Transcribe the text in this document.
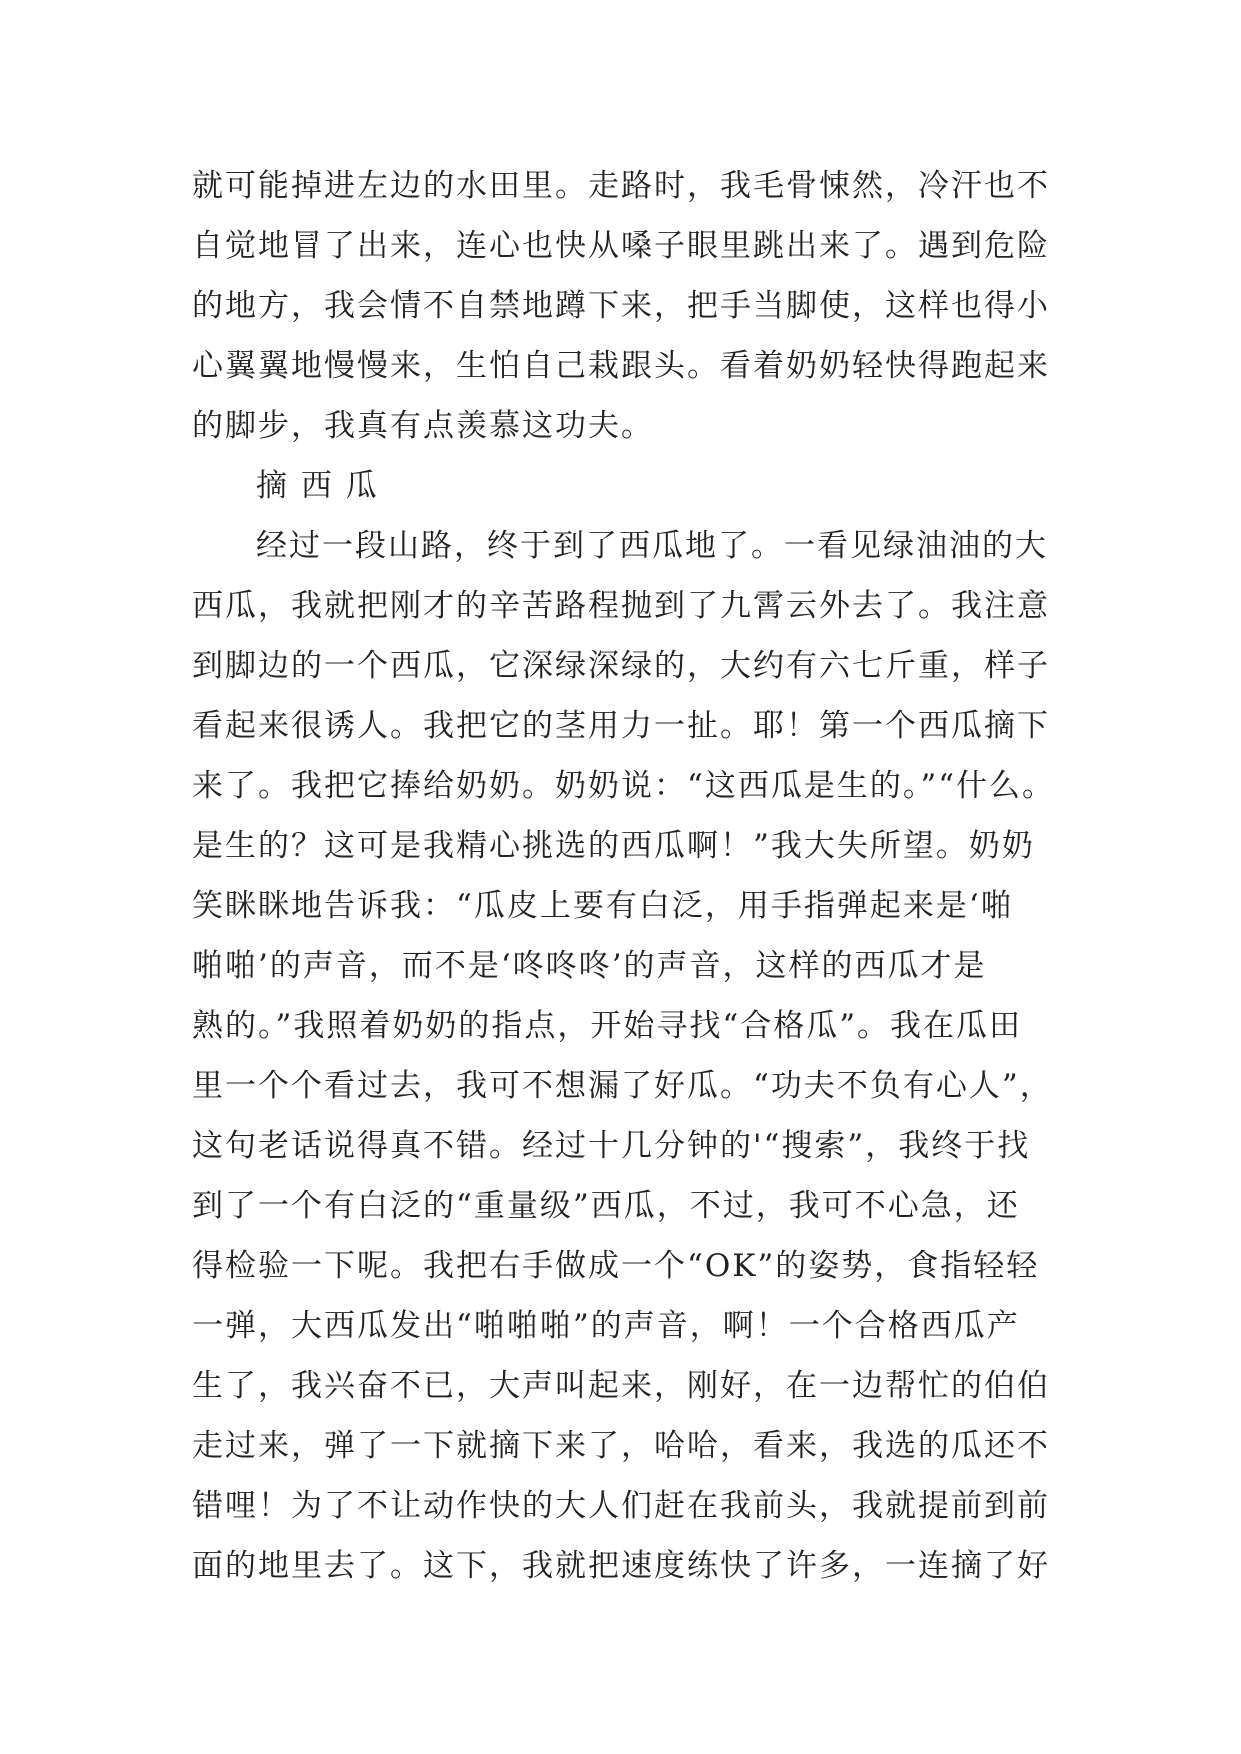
就可能掉进左边的水田里。走路时，我毛骨悚然，冷汗也不
自觉地冒了出来，连心也快从嗓子眼里跳出来了。遇到危险
的地方，我会情不自禁地蹲下来，把手当脚使，这样也得小
心翼翼地慢慢来，生怕自己栽跟头。看着奶奶轻快得跑起来
的脚步，我真有点羡慕这功夫。
摘 西 瓜
经过一段山路，终于到了西瓜地了。一看见绿油油的大
西瓜，我就把刚才的辛苦路程抛到了九霄云外去了。我注意
到脚边的一个西瓜，它深绿深绿的，大约有六七斤重，样子
看起来很诱人。我把它的茎用力一扯。耶！第一个西瓜摘下
来了。我把它捧给奶奶。奶奶说：“这西瓜是生的。”“什么。
是生的？这可是我精心挑选的西瓜啊！”我大失所望。奶奶
笑眯眯地告诉我：“瓜皮上要有白泛，用手指弹起来是‘啪
啪啪’的声音，而不是‘咚咚咚’的声音，这样的西瓜才是
熟的。”我照着奶奶的指点，开始寻找“合格瓜”。我在瓜田
里一个个看过去，我可不想漏了好瓜。“功夫不负有心人”，
这句老话说得真不错。经过十几分钟的'“搜索”，我终于找
到了一个有白泛的“重量级”西瓜，不过，我可不心急，还
得检验一下呢。我把右手做成一个“OK”的姿势，食指轻轻
一弹，大西瓜发出“啪啪啪”的声音，啊！一个合格西瓜产
生了，我兴奋不已，大声叫起来，刚好，在一边帮忙的伯伯
走过来，弹了一下就摘下来了，哈哈，看来，我选的瓜还不
错哩！为了不让动作快的大人们赶在我前头，我就提前到前
面的地里去了。这下，我就把速度练快了许多，一连摘了好
